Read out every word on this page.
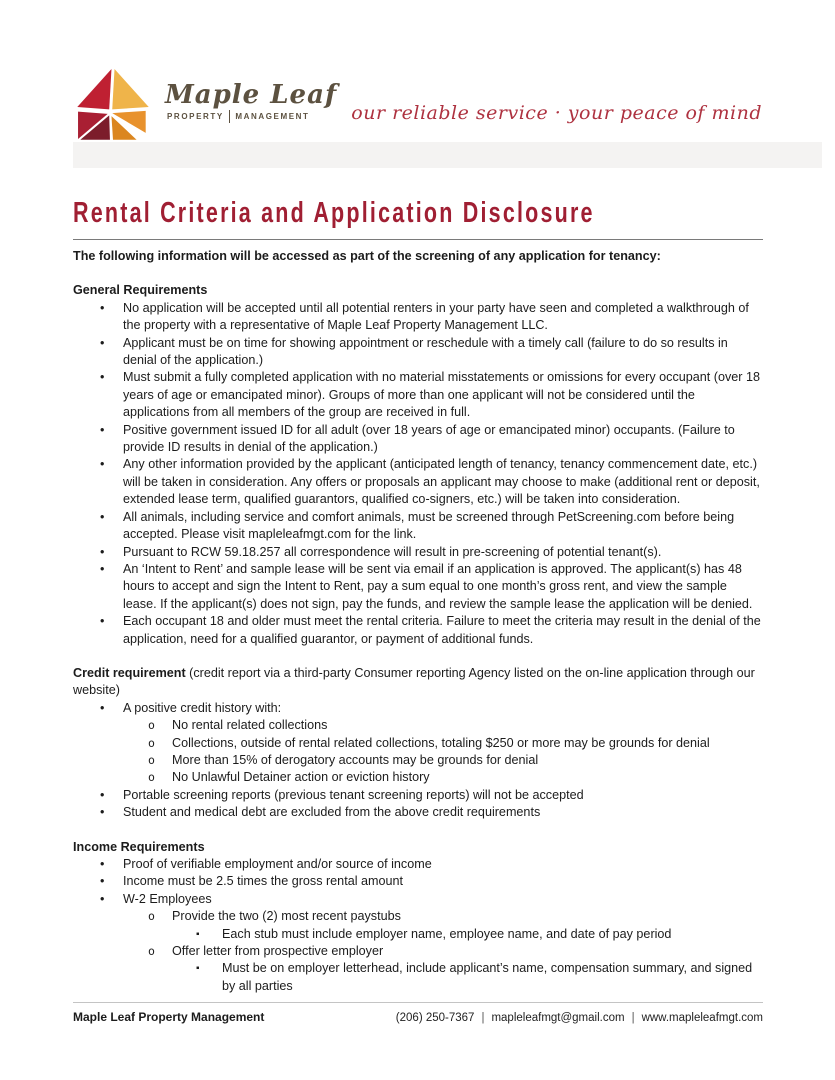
Maple Leaf
PROPERTY MANAGEMENT our reliable service · your peace of mind
Rental Criteria and Application Disclosure

The following information will be accessed as part of the screening of any application for tenancy:

General Requirements

•	No application will be accepted until all potential renters in your party have seen and completed a walkthrough of the property with a representative of Maple Leaf Property Management LLC.
•	Applicant must be on time for showing appointment or reschedule with a timely call (failure to do so results in denial of the application.)
•	Must submit a fully completed application with no material misstatements or omissions for every occupant (over 18 years of age or emancipated minor). Groups of more than one applicant will not be considered until the applications from all members of the group are received in full.
•	Positive government issued ID for all adult (over 18 years of age or emancipated minor) occupants. (Failure to provide ID results in denial of the application.)
•	Any other information provided by the applicant (anticipated length of tenancy, tenancy commencement date, etc.) will be taken in consideration. Any offers or proposals an applicant may choose to make (additional rent or deposit, extended lease term, qualified guarantors, qualified co-signers, etc.) will be taken into consideration.
•	All animals, including service and comfort animals, must be screened through PetScreening.com before being accepted. Please visit mapleleafmgt.com for the link.
•	Pursuant to RCW 59.18.257 all correspondence will result in pre-screening of potential tenant(s).
•	An ‘Intent to Rent’ and sample lease will be sent via email if an application is approved. The applicant(s) has 48 hours to accept and sign the Intent to Rent, pay a sum equal to one month’s gross rent, and view the sample lease. If the applicant(s) does not sign, pay the funds, and review the sample lease the application will be denied.
•	Each occupant 18 and older must meet the rental criteria. Failure to meet the criteria may result in the denial of the application, need for a qualified guarantor, or payment of additional funds.

Credit requirement (credit report via a third-party Consumer reporting Agency listed on the on-line application through our website)

•	A positive credit history with:
o	No rental related collections
o	Collections, outside of rental related collections, totaling $250 or more may be grounds for denial
o	More than 15% of derogatory accounts may be grounds for denial
o	No Unlawful Detainer action or eviction history
•	Portable screening reports (previous tenant screening reports) will not be accepted
•	Student and medical debt are excluded from the above credit requirements

Income Requirements

•	Proof of verifiable employment and/or source of income
•	Income must be 2.5 times the gross rental amount
•	W-2 Employees
o	Provide the two (2) most recent paystubs
▪	Each stub must include employer name, employee name, and date of pay period
o	Offer letter from prospective employer
▪	Must be on employer letterhead, include applicant’s name, compensation summary, and signed by all parties
Maple Leaf Property Management	(206) 250-7367 | mapleleafmgt@gmail.com | www.mapleleafmgt.com
